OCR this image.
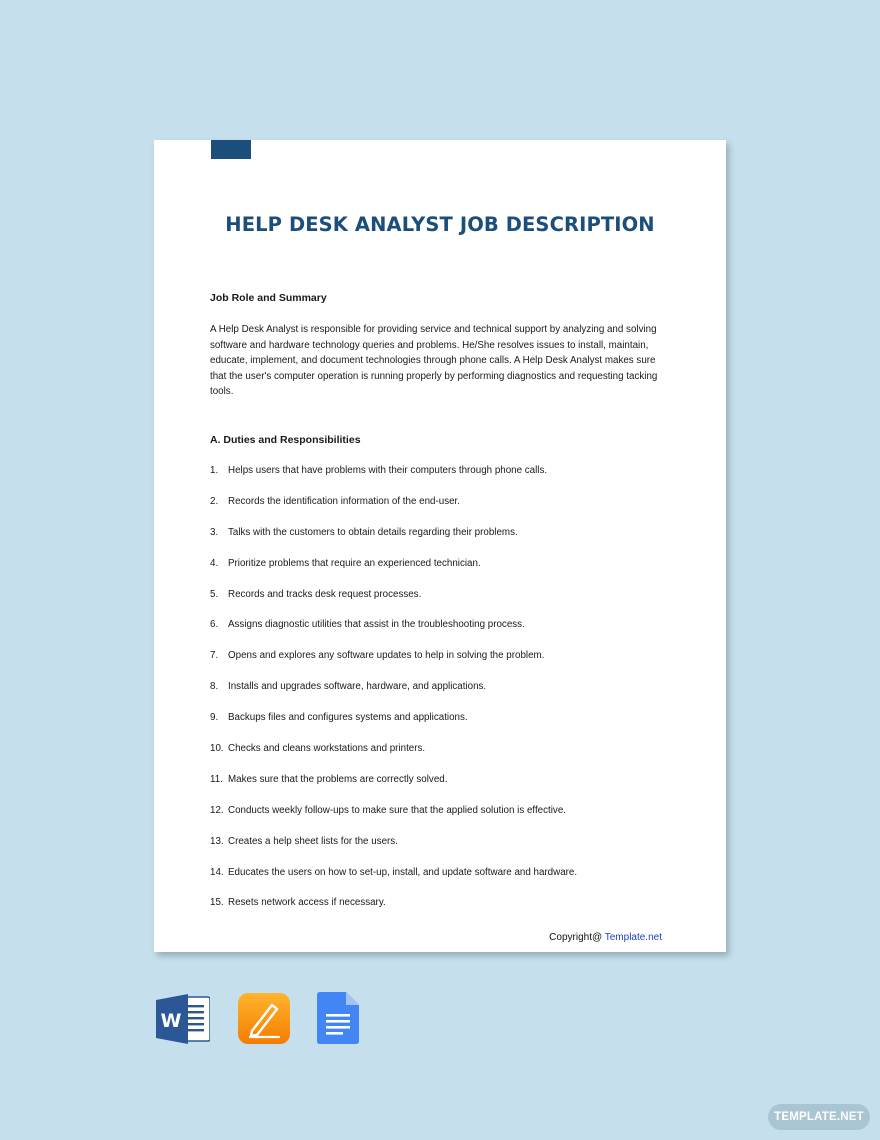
HELP DESK ANALYST JOB DESCRIPTION
Job Role and Summary

A Help Desk Analyst is responsible for providing service and technical support by analyzing and solving software and hardware technology queries and problems. He/She resolves issues to install, maintain, educate, implement, and document technologies through phone calls. A Help Desk Analyst makes sure that the user's computer operation is running properly by performing diagnostics and requesting tacking tools.

A. Duties and Responsibilities
1. Helps users that have problems with their computers through phone calls.
2. Records the identification information of the end-user.
3. Talks with the customers to obtain details regarding their problems.
4. Prioritize problems that require an experienced technician.
5. Records and tracks desk request processes.
6. Assigns diagnostic utilities that assist in the troubleshooting process.
7. Opens and explores any software updates to help in solving the problem.
8. Installs and upgrades software, hardware, and applications.
9. Backups files and configures systems and applications.
10. Checks and cleans workstations and printers.
11. Makes sure that the problems are correctly solved.
12. Conducts weekly follow-ups to make sure that the applied solution is effective.
13. Creates a help sheet lists for the users.
14. Educates the users on how to set-up, install, and update software and hardware.
15. Resets network access if necessary.
Copyright@ Template.net
W
TEMPLATE.NET
